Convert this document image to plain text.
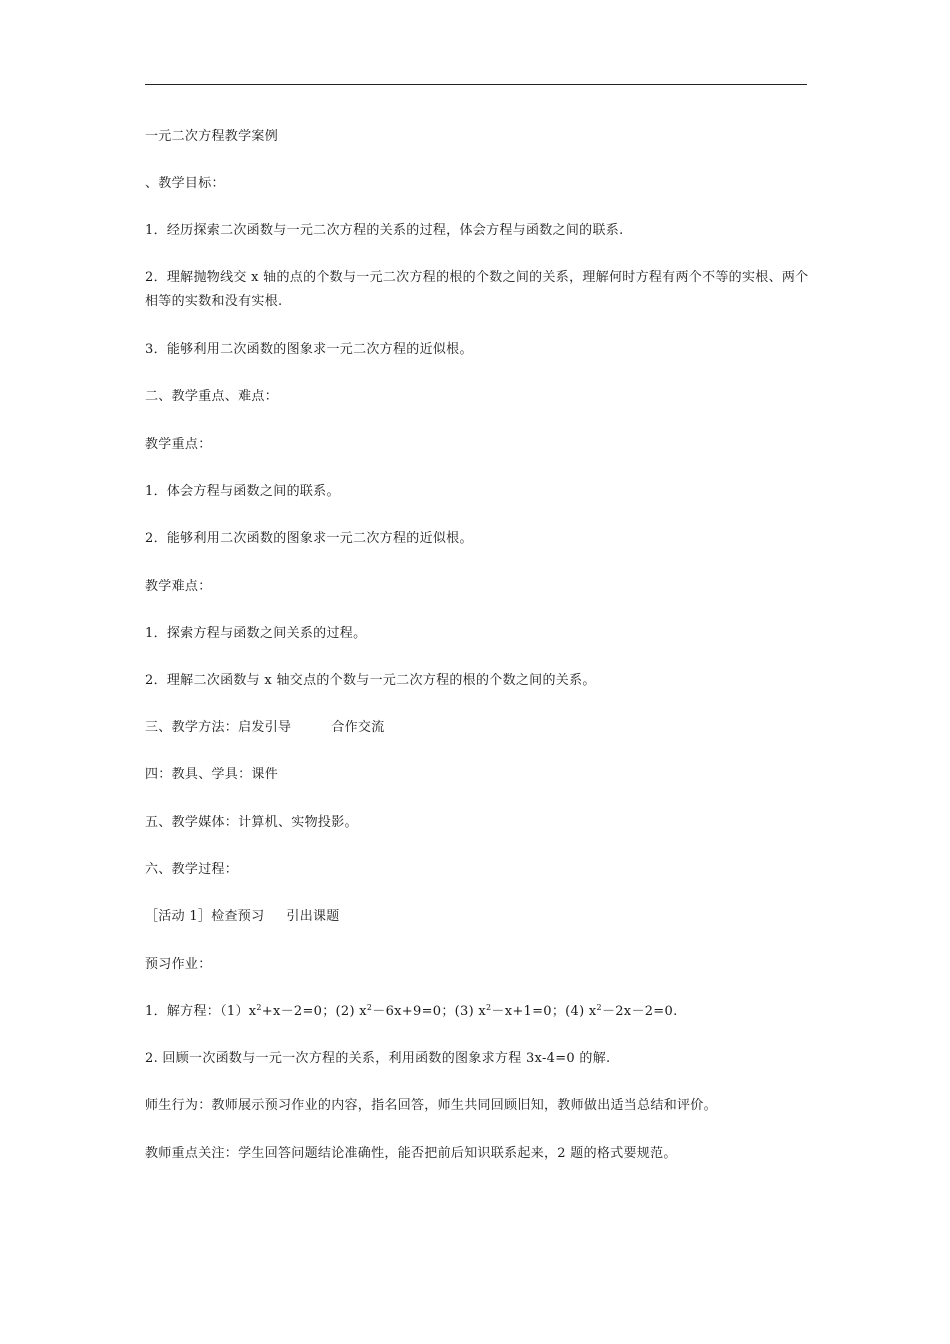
一元二次方程教学案例
、教学目标：
1．经历探索二次函数与一元二次方程的关系的过程，体会方程与函数之间的联系.
2．理解抛物线交 x 轴的点的个数与一元二次方程的根的个数之间的关系，理解何时方程有两个不等的实根、两个相等的实数和没有实根.
3．能够利用二次函数的图象求一元二次方程的近似根。
二、教学重点、难点：
教学重点：
1．体会方程与函数之间的联系。
2．能够利用二次函数的图象求一元二次方程的近似根。
教学难点：
1．探索方程与函数之间关系的过程。
2．理解二次函数与 x 轴交点的个数与一元二次方程的根的个数之间的关系。
三、教学方法：启发引导	合作交流
四：教具、学具：课件
五、教学媒体：计算机、实物投影。
六、教学过程：
［活动 1］检查预习 引出课题
预习作业：
1．解方程：$(1)x^2+x-2=0$；(2) $x^2-6x+9=0$；(3) $x^2-x+1=0$；(4) $x^2-2x-2=0$.
2. 回顾一次函数与一元一次方程的关系，利用函数的图象求方程 3x-4=0 的解.
师生行为：教师展示预习作业的内容，指名回答，师生共同回顾旧知，教师做出适当总结和评价。
教师重点关注：学生回答问题结论准确性，能否把前后知识联系起来，2 题的格式要规范。
